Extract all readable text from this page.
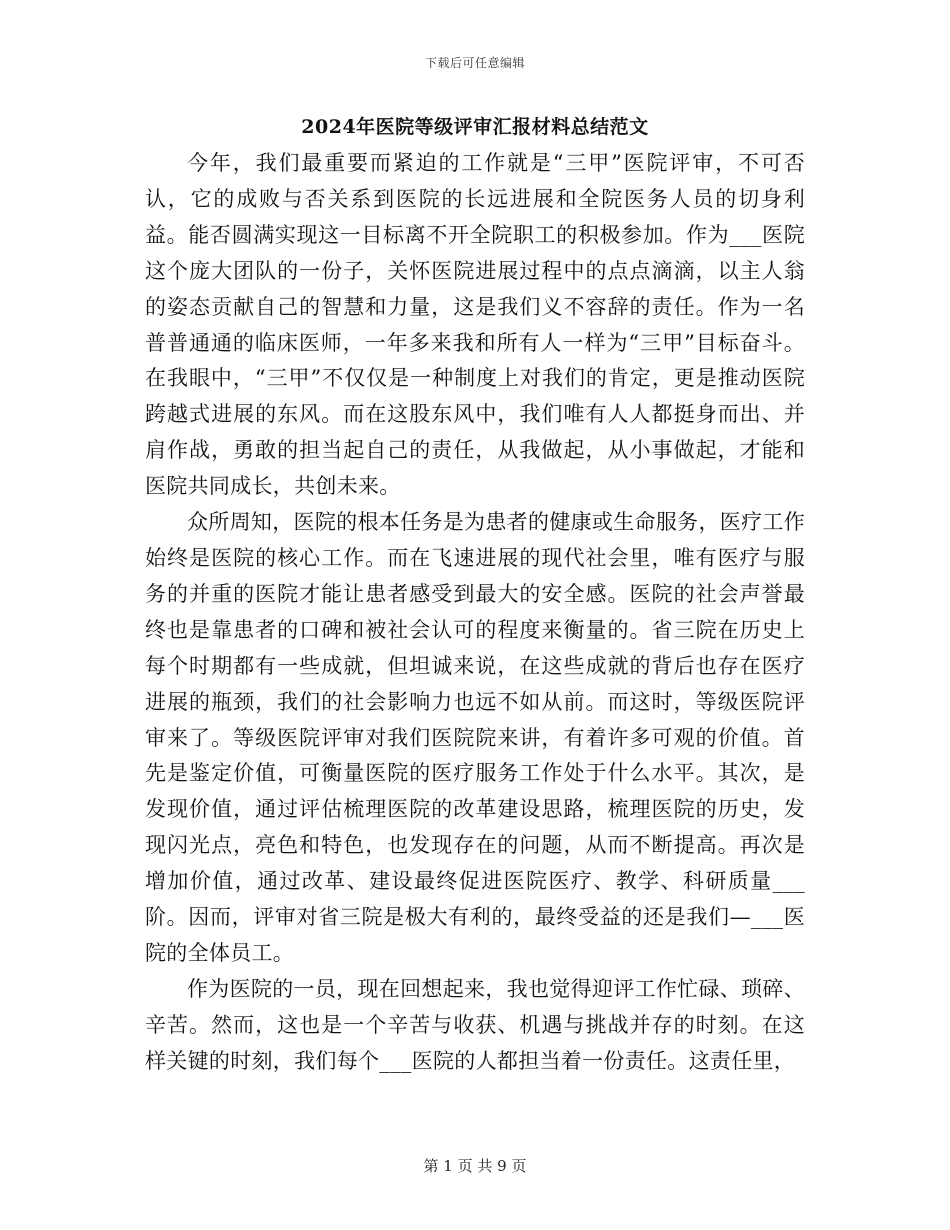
下载后可任意编辑
2024年医院等级评审汇报材料总结范文

今年，我们最重要而紧迫的工作就是“三甲”医院评审，不可否认，它的成败与否关系到医院的长远进展和全院医务人员的切身利益。能否圆满实现这一目标离不开全院职工的积极参加。作为___医院这个庞大团队的一份子，关怀医院进展过程中的点点滴滴，以主人翁的姿态贡献自己的智慧和力量，这是我们义不容辞的责任。作为一名普普通通的临床医师，一年多来我和所有人一样为“三甲”目标奋斗。在我眼中，“三甲”不仅仅是一种制度上对我们的肯定，更是推动医院跨越式进展的东风。而在这股东风中，我们唯有人人都挺身而出、并肩作战，勇敢的担当起自己的责任，从我做起，从小事做起，才能和医院共同成长，共创未来。

众所周知，医院的根本任务是为患者的健康或生命服务，医疗工作始终是医院的核心工作。而在飞速进展的现代社会里，唯有医疗与服务的并重的医院才能让患者感受到最大的安全感。医院的社会声誉最终也是靠患者的口碑和被社会认可的程度来衡量的。省三院在历史上每个时期都有一些成就，但坦诚来说，在这些成就的背后也存在医疗进展的瓶颈，我们的社会影响力也远不如从前。而这时，等级医院评审来了。等级医院评审对我们医院院来讲，有着许多可观的价值。首先是鉴定价值，可衡量医院的医疗服务工作处于什么水平。其次，是发现价值，通过评估梳理医院的改革建设思路，梳理医院的历史，发现闪光点，亮色和特色，也发现存在的问题，从而不断提高。再次是增加价值，通过改革、建设最终促进医院医疗、教学、科研质量___阶。因而，评审对省三院是极大有利的，最终受益的还是我们—___医院的全体员工。

作为医院的一员，现在回想起来，我也觉得迎评工作忙碌、琐碎、辛苦。然而，这也是一个辛苦与收获、机遇与挑战并存的时刻。在这样关键的时刻，我们每个___医院的人都担当着一份责任。这责任里，

第 1 页 共 9 页
